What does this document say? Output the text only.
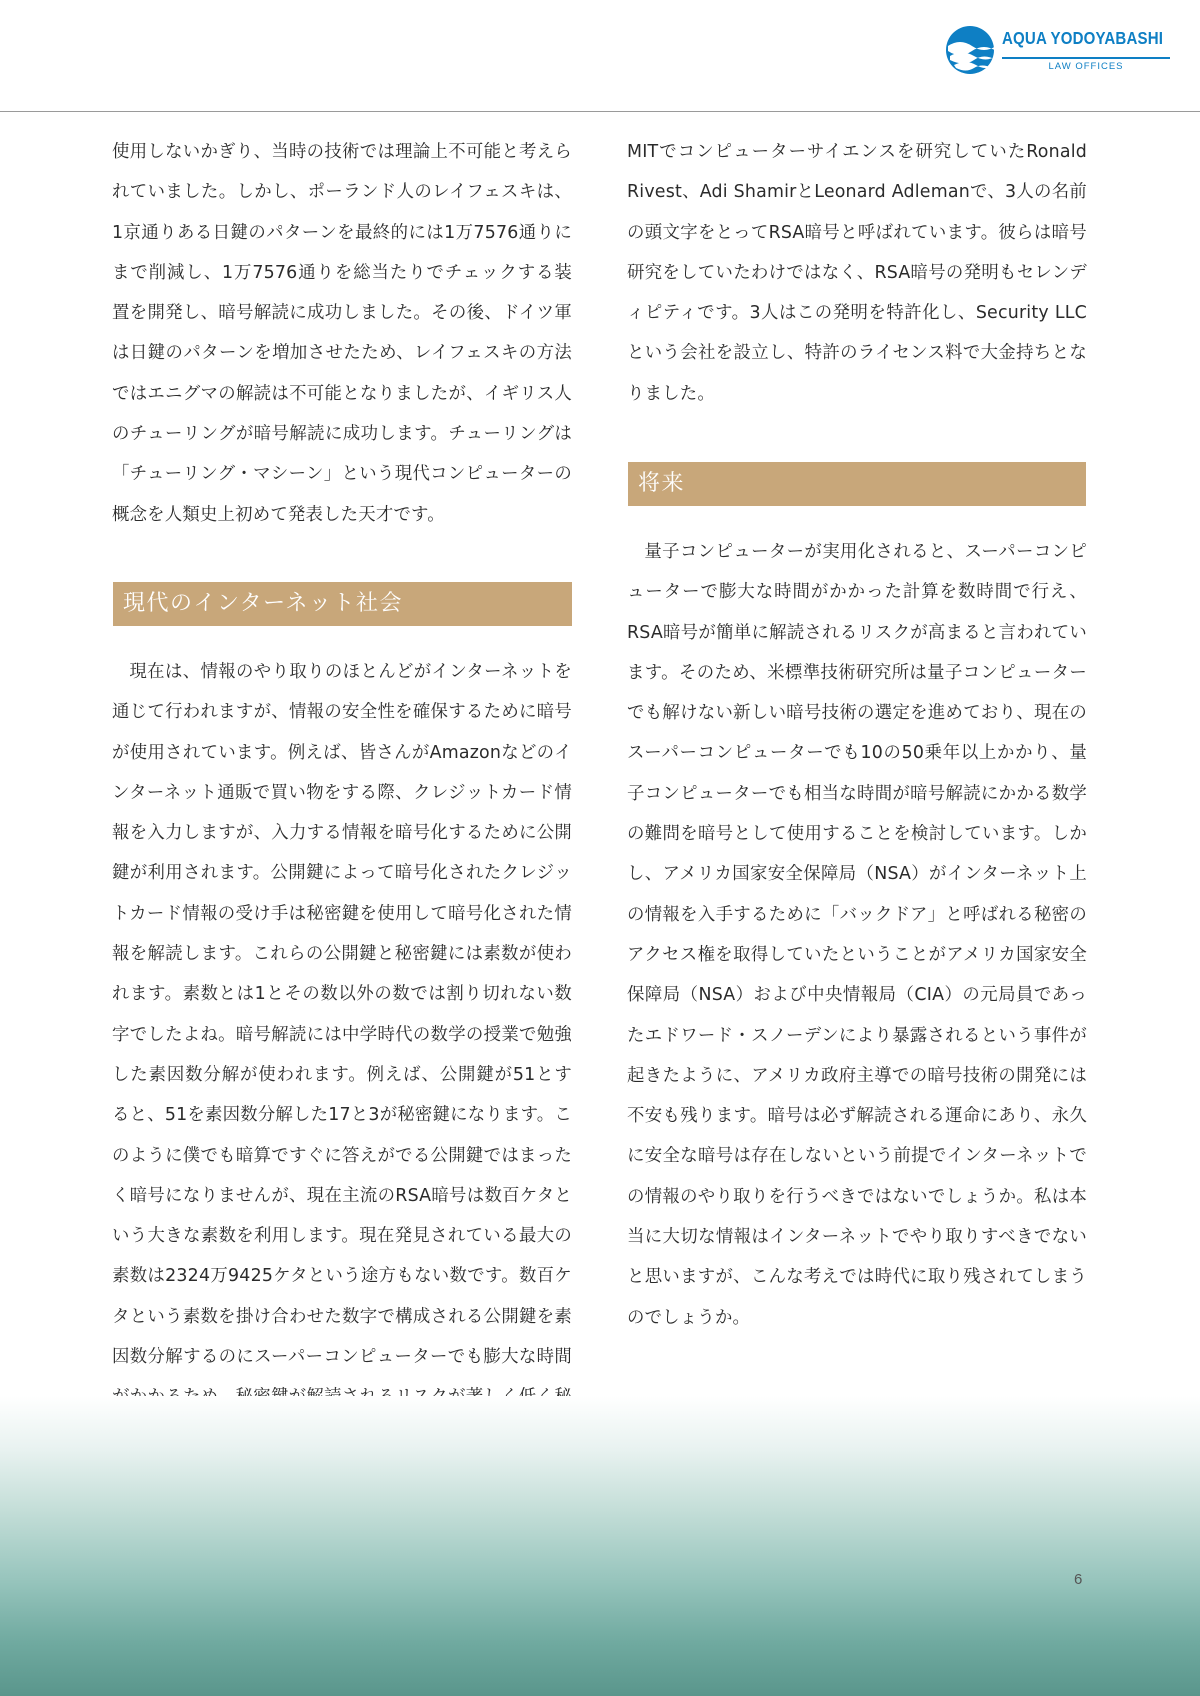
AQUA YODOYABASHI
LAW OFFICES

使用しないかぎり、当時の技術では理論上不可能と考えられていました。しかし、ポーランド人のレイフェスキは、1京通りある日鍵のパターンを最終的には1万7576通りにまで削減し、1万7576通りを総当たりでチェックする装置を開発し、暗号解読に成功しました。その後、ドイツ軍は日鍵のパターンを増加させたため、レイフェスキの方法ではエニグマの解読は不可能となりましたが、イギリス人のチューリングが暗号解読に成功します。チューリングは「チューリング・マシーン」という現代コンピューターの概念を人類史上初めて発表した天才です。

現代のインターネット社会

現在は、情報のやり取りのほとんどがインターネットを通じて行われますが、情報の安全性を確保するために暗号が使用されています。例えば、皆さんがAmazonなどのインターネット通販で買い物をする際、クレジットカード情報を入力しますが、入力する情報を暗号化するために公開鍵が利用されます。公開鍵によって暗号化されたクレジットカード情報の受け手は秘密鍵を使用して暗号化された情報を解読します。これらの公開鍵と秘密鍵には素数が使われます。素数とは1とその数以外の数では割り切れない数字でしたよね。暗号解読には中学時代の数学の授業で勉強した素因数分解が使われます。例えば、公開鍵が51とすると、51を素因数分解した17と3が秘密鍵になります。このように僕でも暗算ですぐに答えがでる公開鍵ではまったく暗号になりませんが、現在主流のRSA暗号は数百ケタという大きな素数を利用します。現在発見されている最大の素数は2324万9425ケタという途方もない数です。数百ケタという素数を掛け合わせた数字で構成される公開鍵を素因数分解するのにスーパーコンピューターでも膨大な時間

MITでコンピューターサイエンスを研究していたRonald Rivest、Adi ShamirとLeonard Adlemanで、3人の名前の頭文字をとってRSA暗号と呼ばれています。彼らは暗号研究をしていたわけではなく、RSA暗号の発明もセレンディピティです。3人はこの発明を特許化し、Security LLCという会社を設立し、特許のライセンス料で大金持ちとなりました。

将来

量子コンピューターが実用化されると、スーパーコンピューターで膨大な時間がかかった計算を数時間で行え、RSA暗号が簡単に解読されるリスクが高まると言われています。そのため、米標準技術研究所は量子コンピューターでも解けない新しい暗号技術の選定を進めており、現在のスーパーコンピューターでも10の50乗年以上かかり、量子コンピューターでも相当な時間が暗号解読にかかる数学の難問を暗号として使用することを検討しています。しかし、アメリカ国家安全保障局（NSA）がインターネット上の情報を入手するために「バックドア」と呼ばれる秘密のアクセス権を取得していたということがアメリカ国家安全保障局（NSA）および中央情報局（CIA）の元局員であったエドワード・スノーデンにより暴露されるという事件が起きたように、アメリカ政府主導での暗号技術の開発には不安も残ります。暗号は必ず解読される運命にあり、永久に安全な暗号は存在しないという前提でインターネットでの情報のやり取りを行うべきではないでしょうか。私は本当に大切な情報はインターネットでやり取りすべきでないと思いますが、こんな考えでは時代に取り残されてしまうのでしょうか。

6
